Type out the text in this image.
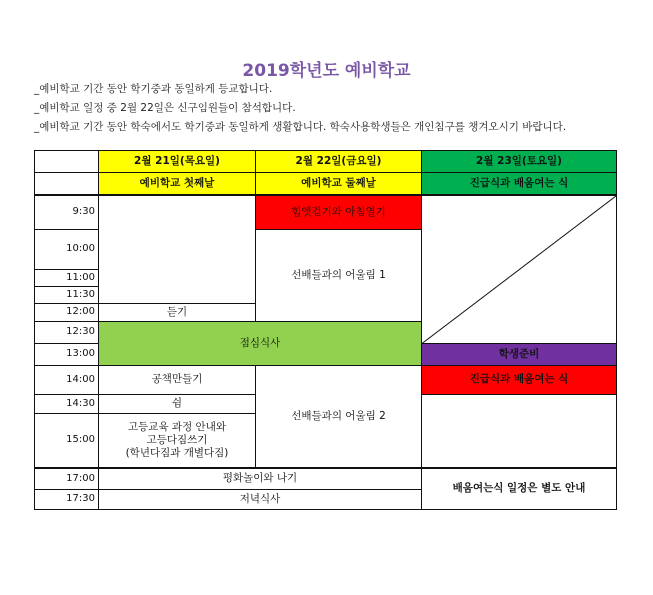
2019학년도 예비학교
_예비학교 기간 동안 학기중과 동일하게 등교합니다.
_예비학교 일정 중 2월 22일은 신구임원들이 참석합니다.
_예비학교 기간 동안 학숙에서도 학기중과 동일하게 생활합니다. 학숙사용학생들은 개인침구를 챙겨오시기 바랍니다.
	2월 21일(목요일)	2월 22일(금요일)	2월 23일(토요일)
	예비학교 첫째날	예비학교 둘째날	진급식과 배움여는 식
9:30		힘엣걷기와 아침열기	

10:00		선배들과의 어울림 1	
11:00			
11:30			
12:00	듣기		
12:30	점심식사		
13:00			학생준비
14:00	공책만들기	선배들과의 어울림 2	진급식과 배움여는 식
14:30	쉼		
15:00	고등교육 과정 안내와
고등다짐쓰기
(학년다짐과 개별다짐)		

17:00	평화놀이와 나기		배움여는식 일정은 별도 안내
17:30	저녁식사		
